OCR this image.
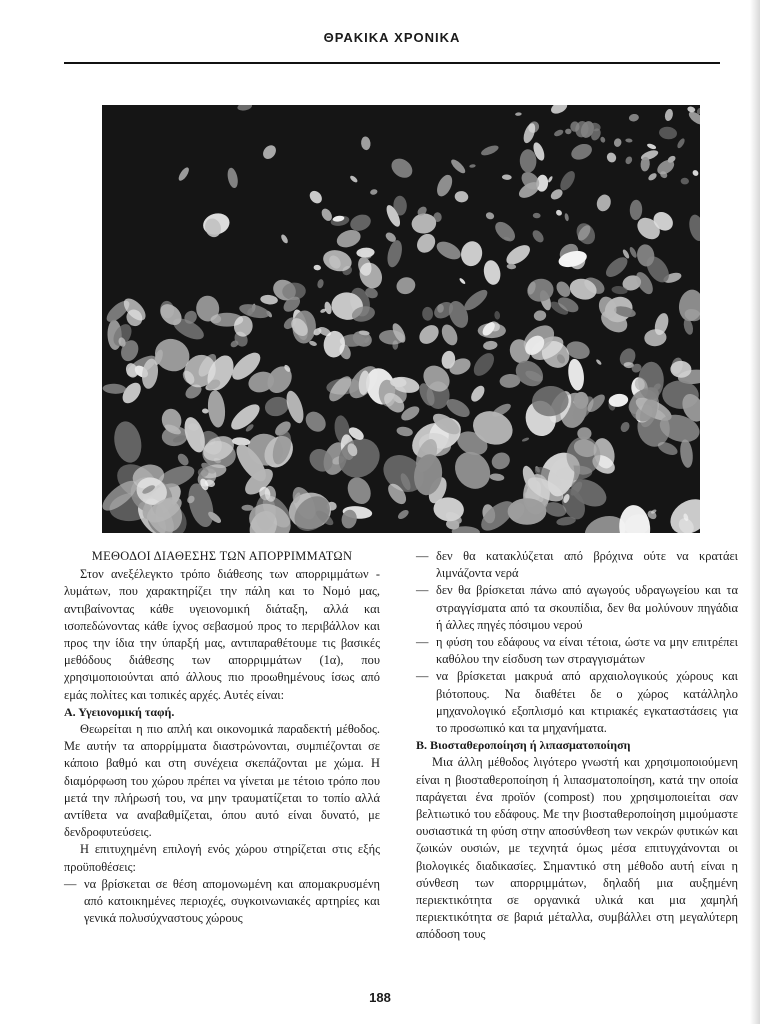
ΘΡΑΚΙΚΑ ΧΡΟΝΙΚΑ
ΜΕΘΟΔΟΙ ΔΙΑΘΕΣΗΣ ΤΩΝ ΑΠΟΡΡΙΜΜΑΤΩΝ

Στον ανεξέλεγκτο τρόπο διάθεσης των απορριμμάτων - λυμάτων, που χαρακτηρίζει την πάλη και το Νομό μας, αντιβαίνοντας κάθε υγειονομική διάταξη, αλλά και ισοπεδώνοντας κάθε ίχνος σεβασμού προς το περιβάλλον και προς την ίδια την ύπαρξή μας, αντιπαραθέτουμε τις βασικές μεθόδους διάθεσης των απορριμμάτων (1α), που χρησιμοποιούνται από άλλους πιο προωθημένους ίσως από εμάς πολίτες και τοπικές αρχές. Αυτές είναι:

Α. Υγειονομική ταφή.

Θεωρείται η πιο απλή και οικονομικά παραδεκτή μέθοδος. Με αυτήν τα απορρίμματα διαστρώνονται, συμπιέζονται σε κάποιο βαθμό και στη συνέχεια σκεπάζονται με χώμα. Η διαμόρφωση του χώρου πρέπει να γίνεται με τέτοιο τρόπο που μετά την πλήρωσή του, να μην τραυματίζεται το τοπίο αλλά αντίθετα να αναβαθμίζεται, όπου αυτό είναι δυνατό, με δενδροφυτεύσεις.

Η επιτυχημένη επιλογή ενός χώρου στηρίζεται στις εξής προϋποθέσεις:

— να βρίσκεται σε θέση απομονωμένη και απομακρυσμένη από κατοικημένες περιοχές, συγκοινωνιακές αρτηρίες και γενικά πολυσύχναστους χώρους
— δεν θα κατακλύζεται από βρόχινα ούτε να κρατάει λιμνάζοντα νερά
— δεν θα βρίσκεται πάνω από αγωγούς υδραγωγείου και τα στραγγίσματα από τα σκουπίδια, δεν θα μολύνουν πηγάδια ή άλλες πηγές πόσιμου νερού
— η φύση του εδάφους να είναι τέτοια, ώστε να μην επιτρέπει καθόλου την είσδυση των στραγγισμάτων
— να βρίσκεται μακρυά από αρχαιολογικούς χώρους και βιότοπους. Να διαθέτει δε ο χώρος κατάλληλο μηχανολογικό εξοπλισμό και κτιριακές εγκαταστάσεις για το προσωπικό και τα μηχανήματα.

Β. Βιοσταθεροποίηση ή λιπασματοποίηση

Μια άλλη μέθοδος λιγότερο γνωστή και χρησιμοποιούμενη είναι η βιοσταθεροποίηση ή λιπασματοποίηση, κατά την οποία παράγεται ένα προϊόν (compost) που χρησιμοποιείται σαν βελτιωτικό του εδάφους. Με την βιοσταθεροποίηση μιμούμαστε ουσιαστικά τη φύση στην αποσύνθεση των νεκρών φυτικών και ζωικών ουσιών, με τεχνητά όμως μέσα επιτυγχάνονται οι βιολογικές διαδικασίες. Σημαντικό στη μέθοδο αυτή είναι η σύνθεση των απορριμμάτων, δηλαδή μια αυξημένη περιεκτικότητα σε οργανικά υλικά και μια χαμηλή περιεκτικότητα σε βαριά μέταλλα, συμβάλλει στη μεγαλύτερη απόδοση τους

188
